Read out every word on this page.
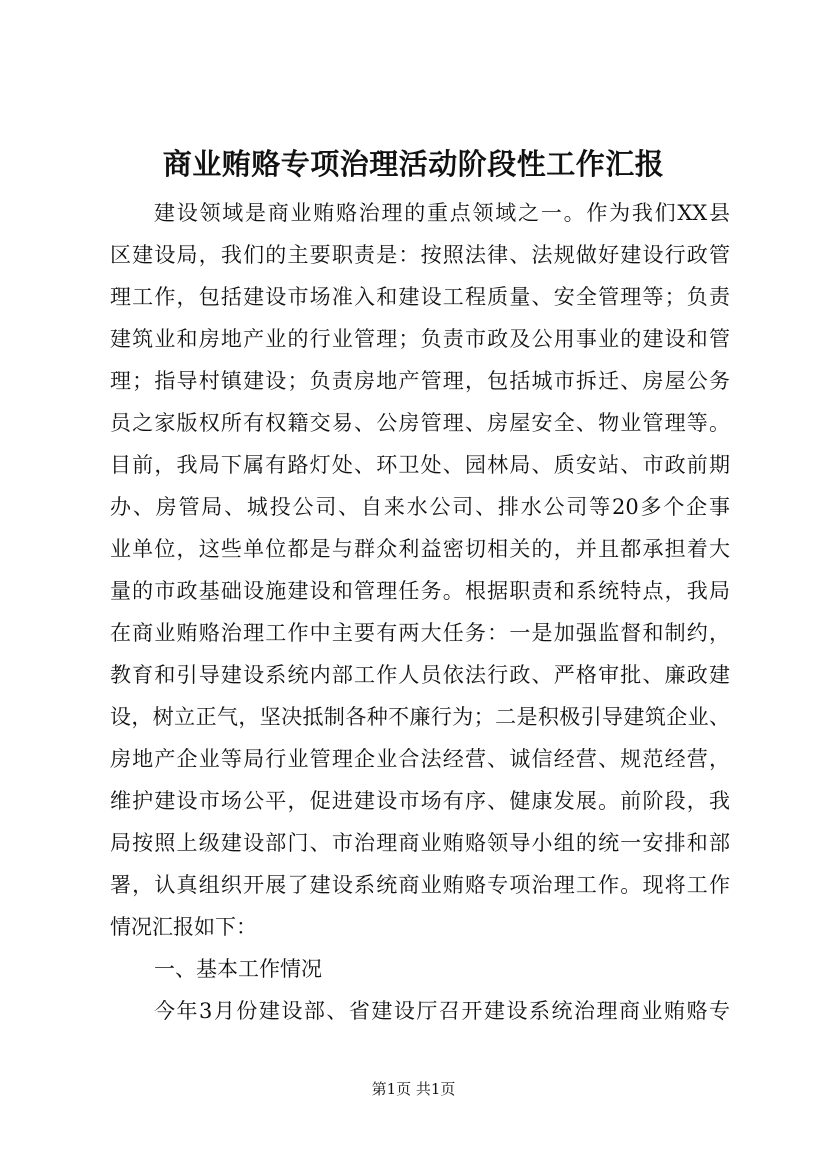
商业贿赂专项治理活动阶段性工作汇报
建设领域是商业贿赂治理的重点领域之一。作为我们XX县
区建设局，我们的主要职责是：按照法律、法规做好建设行政管
理工作，包括建设市场准入和建设工程质量、安全管理等；负责
建筑业和房地产业的行业管理；负责市政及公用事业的建设和管
理；指导村镇建设；负责房地产管理，包括城市拆迁、房屋公务
员之家版权所有权籍交易、公房管理、房屋安全、物业管理等。
目前，我局下属有路灯处、环卫处、园林局、质安站、市政前期
办、房管局、城投公司、自来水公司、排水公司等20多个企事
业单位，这些单位都是与群众利益密切相关的，并且都承担着大
量的市政基础设施建设和管理任务。根据职责和系统特点，我局
在商业贿赂治理工作中主要有两大任务：一是加强监督和制约，
教育和引导建设系统内部工作人员依法行政、严格审批、廉政建
设，树立正气，坚决抵制各种不廉行为；二是积极引导建筑企业、
房地产企业等局行业管理企业合法经营、诚信经营、规范经营，
维护建设市场公平，促进建设市场有序、健康发展。前阶段，我
局按照上级建设部门、市治理商业贿赂领导小组的统一安排和部
署，认真组织开展了建设系统商业贿赂专项治理工作。现将工作
情况汇报如下：
一、基本工作情况
今年3月份建设部、省建设厅召开建设系统治理商业贿赂专
第1页 共1页
